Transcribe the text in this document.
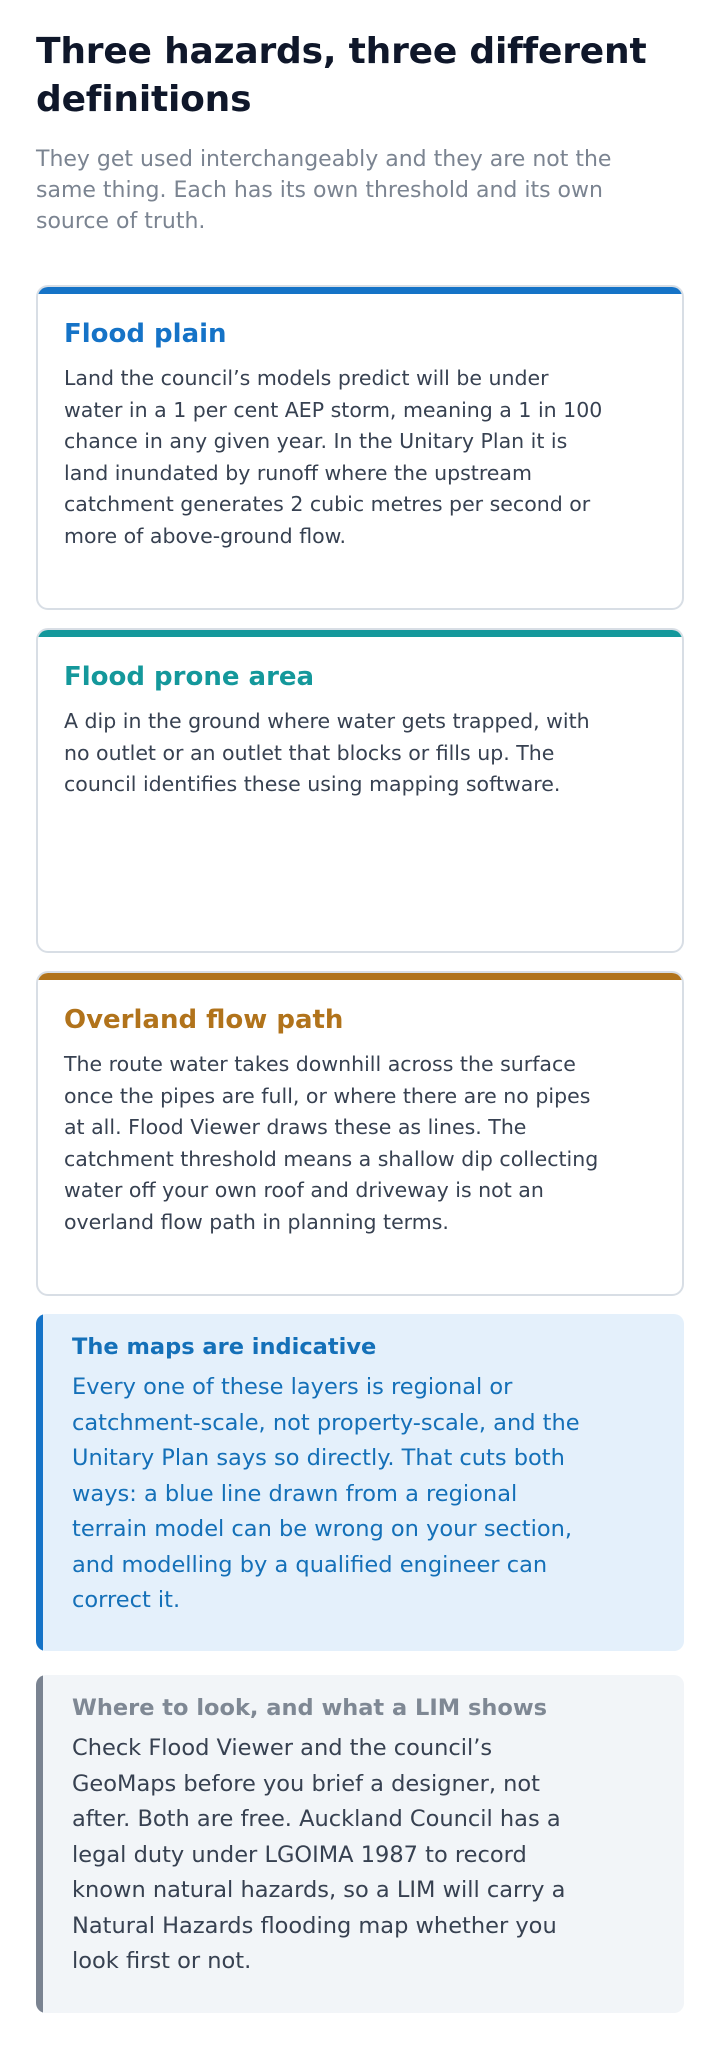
Three hazards, three different definitions

They get used interchangeably and they are not the same thing. Each has its own threshold and its own source of truth.

Flood plain

Land the council’s models predict will be under water in a 1 per cent AEP storm, meaning a 1 in 100 chance in any given year. In the Unitary Plan it is land inundated by runoff where the upstream catchment generates 2 cubic metres per second or more of above-ground flow.

Flood prone area

A dip in the ground where water gets trapped, with no outlet or an outlet that blocks or fills up. The council identifies these using mapping software.

Overland flow path

The route water takes downhill across the surface once the pipes are full, or where there are no pipes at all. Flood Viewer draws these as lines. The catchment threshold means a shallow dip collecting water off your own roof and driveway is not an overland flow path in planning terms.

The maps are indicative

Every one of these layers is regional or catchment-scale, not property-scale, and the Unitary Plan says so directly. That cuts both ways: a blue line drawn from a regional terrain model can be wrong on your section, and modelling by a qualified engineer can correct it.

Where to look, and what a LIM shows

Check Flood Viewer and the council’s GeoMaps before you brief a designer, not after. Both are free. Auckland Council has a legal duty under LGOIMA 1987 to record known natural hazards, so a LIM will carry a Natural Hazards flooding map whether you look first or not.
